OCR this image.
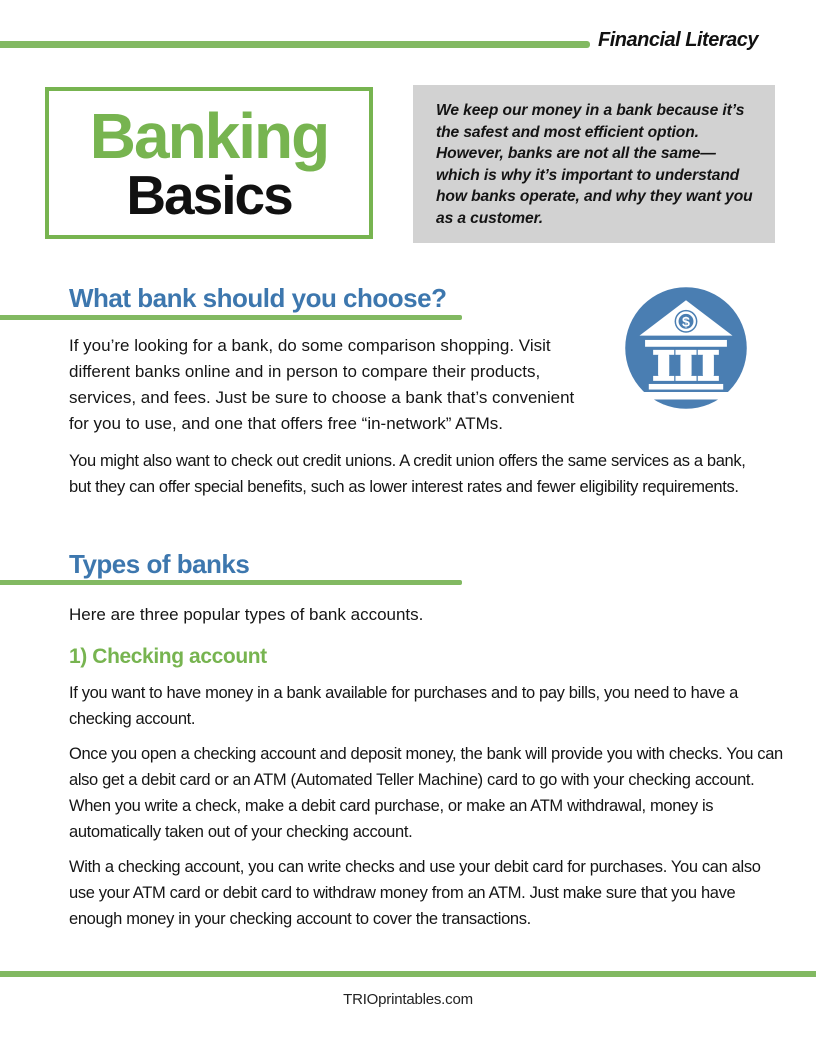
Financial Literacy
Banking
Basics
We keep our money in a bank because it’s the safest and most efficient option. However, banks are not all the same—which is why it’s important to understand how banks operate, and why they want you as a customer.
What bank should you choose?
$

If you’re looking for a bank, do some comparison shopping. Visit different banks online and in person to compare their products, services, and fees. Just be sure to choose a bank that’s convenient for you to use, and one that offers free “in-network” ATMs.

You might also want to check out credit unions. A credit union offers the same services as a bank, but they can offer special benefits, such as lower interest rates and fewer eligibility requirements.

Types of banks

Here are three popular types of bank accounts.

1) Checking account

If you want to have money in a bank available for purchases and to pay bills, you need to have a checking account.

Once you open a checking account and deposit money, the bank will provide you with checks. You can also get a debit card or an ATM (Automated Teller Machine) card to go with your checking account. When you write a check, make a debit card purchase, or make an ATM withdrawal, money is automatically taken out of your checking account.

With a checking account, you can write checks and use your debit card for purchases. You can also use your ATM card or debit card to withdraw money from an ATM. Just make sure that you have enough money in your checking account to cover the transactions.

TRIOprintables.com
